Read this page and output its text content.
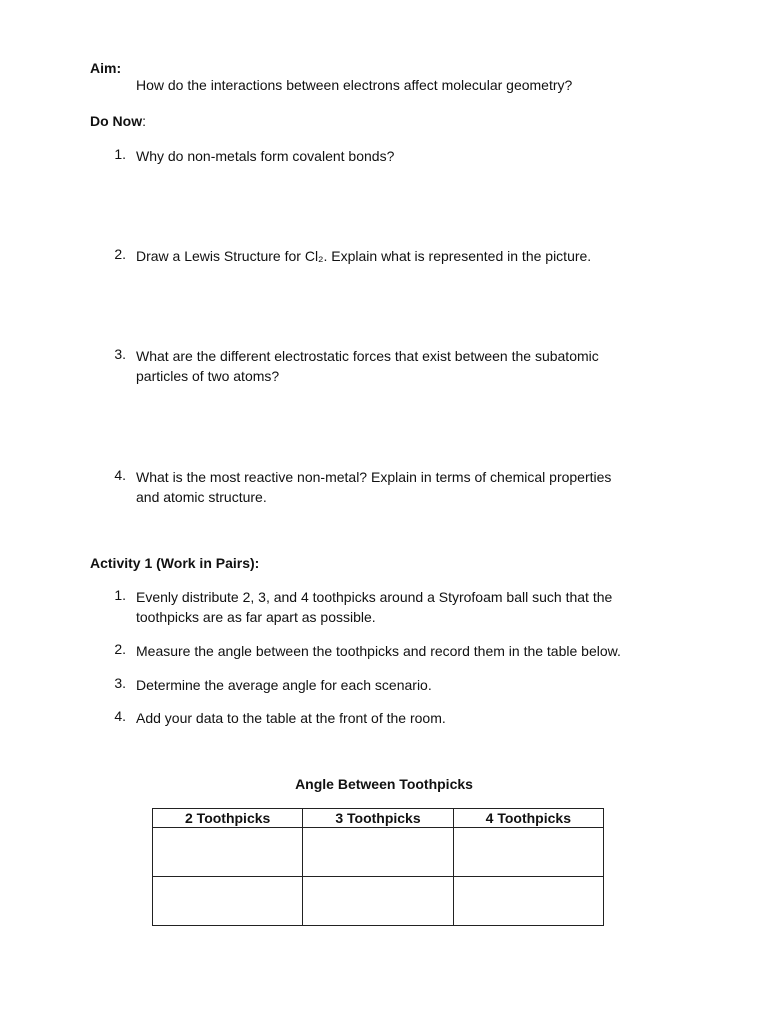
Aim:
How do the interactions between electrons affect molecular geometry?
Do Now:
1. Why do non-metals form covalent bonds?
2. Draw a Lewis Structure for Cl₂. Explain what is represented in the picture.
3. What are the different electrostatic forces that exist between the subatomic
particles of two atoms?
4. What is the most reactive non-metal? Explain in terms of chemical properties
and atomic structure.
Activity 1 (Work in Pairs):
1. Evenly distribute 2, 3, and 4 toothpicks around a Styrofoam ball such that the
toothpicks are as far apart as possible.
2. Measure the angle between the toothpicks and record them in the table below.
3. Determine the average angle for each scenario.
4. Add your data to the table at the front of the room.
Angle Between Toothpicks
2 Toothpicks	3 Toothpicks	4 Toothpicks
